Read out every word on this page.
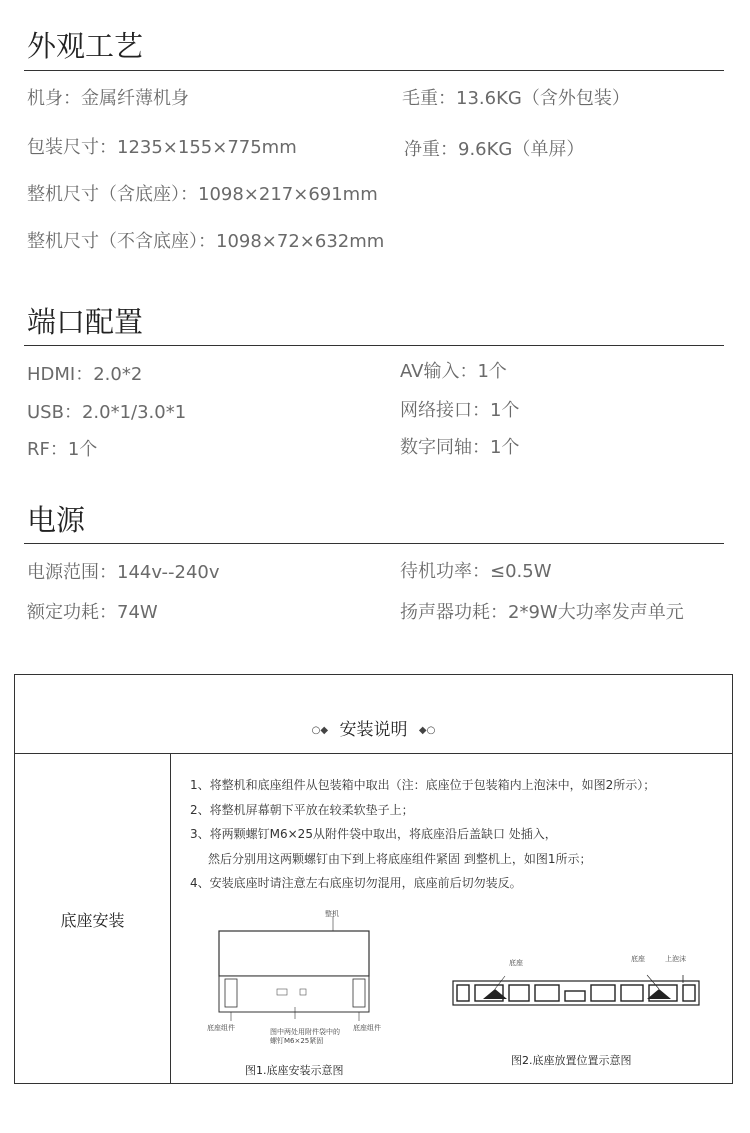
外观工艺
机身：金属纤薄机身	毛重：13.6KG（含外包装）
包装尺寸：1235×155×775mm	净重：9.6KG（单屏）
整机尺寸（含底座）：1098×217×691mm
整机尺寸（不含底座）：1098×72×632mm
端口配置
HDMI：2.0*2	AV输入：1个
USB：2.0*1/3.0*1	网络接口：1个
RF：1个	数字同轴：1个
电源
电源范围：144v--240v	待机功率：≤0.5W
额定功耗：74W	扬声器功耗：2*9W大功率发声单元
○◆ 安装说明 ◆○
底座安装
1、将整机和底座组件从包装箱中取出（注：底座位于包装箱内上泡沫中，如图2所示）；
2、将整机屏幕朝下平放在较柔软垫子上；
3、将两颗螺钉M6×25从附件袋中取出，将底座沿后盖缺口 处插入，
然后分别用这两颗螺钉由下到上将底座组件紧固 到整机上，如图1所示；
4、安装底座时请注意左右底座切勿混用，底座前后切勿装反。
整机
底座组件	底座组件
图中两处用附件袋中的
螺钉M6×25紧固
图1.底座安装示意图
底座	底座	上泡沫
图2.底座放置位置示意图
